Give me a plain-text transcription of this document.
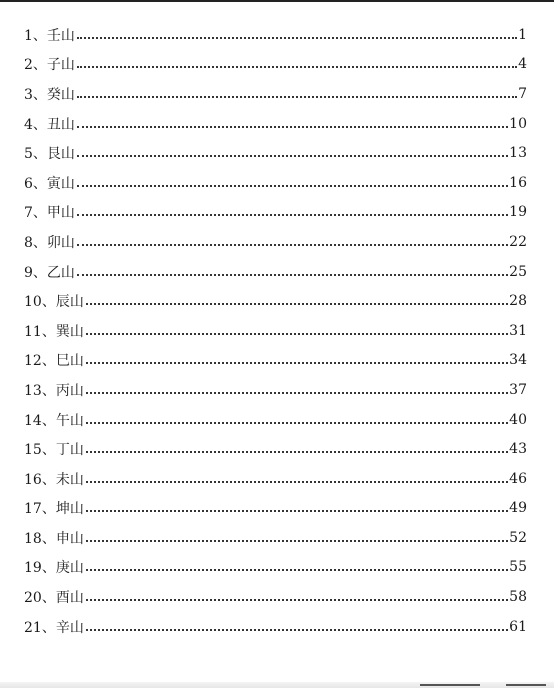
1、壬山	1
2、子山	4
3、癸山	7
4、丑山	10
5、艮山	13
6、寅山	16
7、甲山	19
8、卯山	22
9、乙山	25
10、辰山	28
11、巽山	31
12、巳山	34
13、丙山	37
14、午山	40
15、丁山	43
16、未山	46
17、坤山	49
18、申山	52
19、庚山	55
20、酉山	58
21、辛山	61
